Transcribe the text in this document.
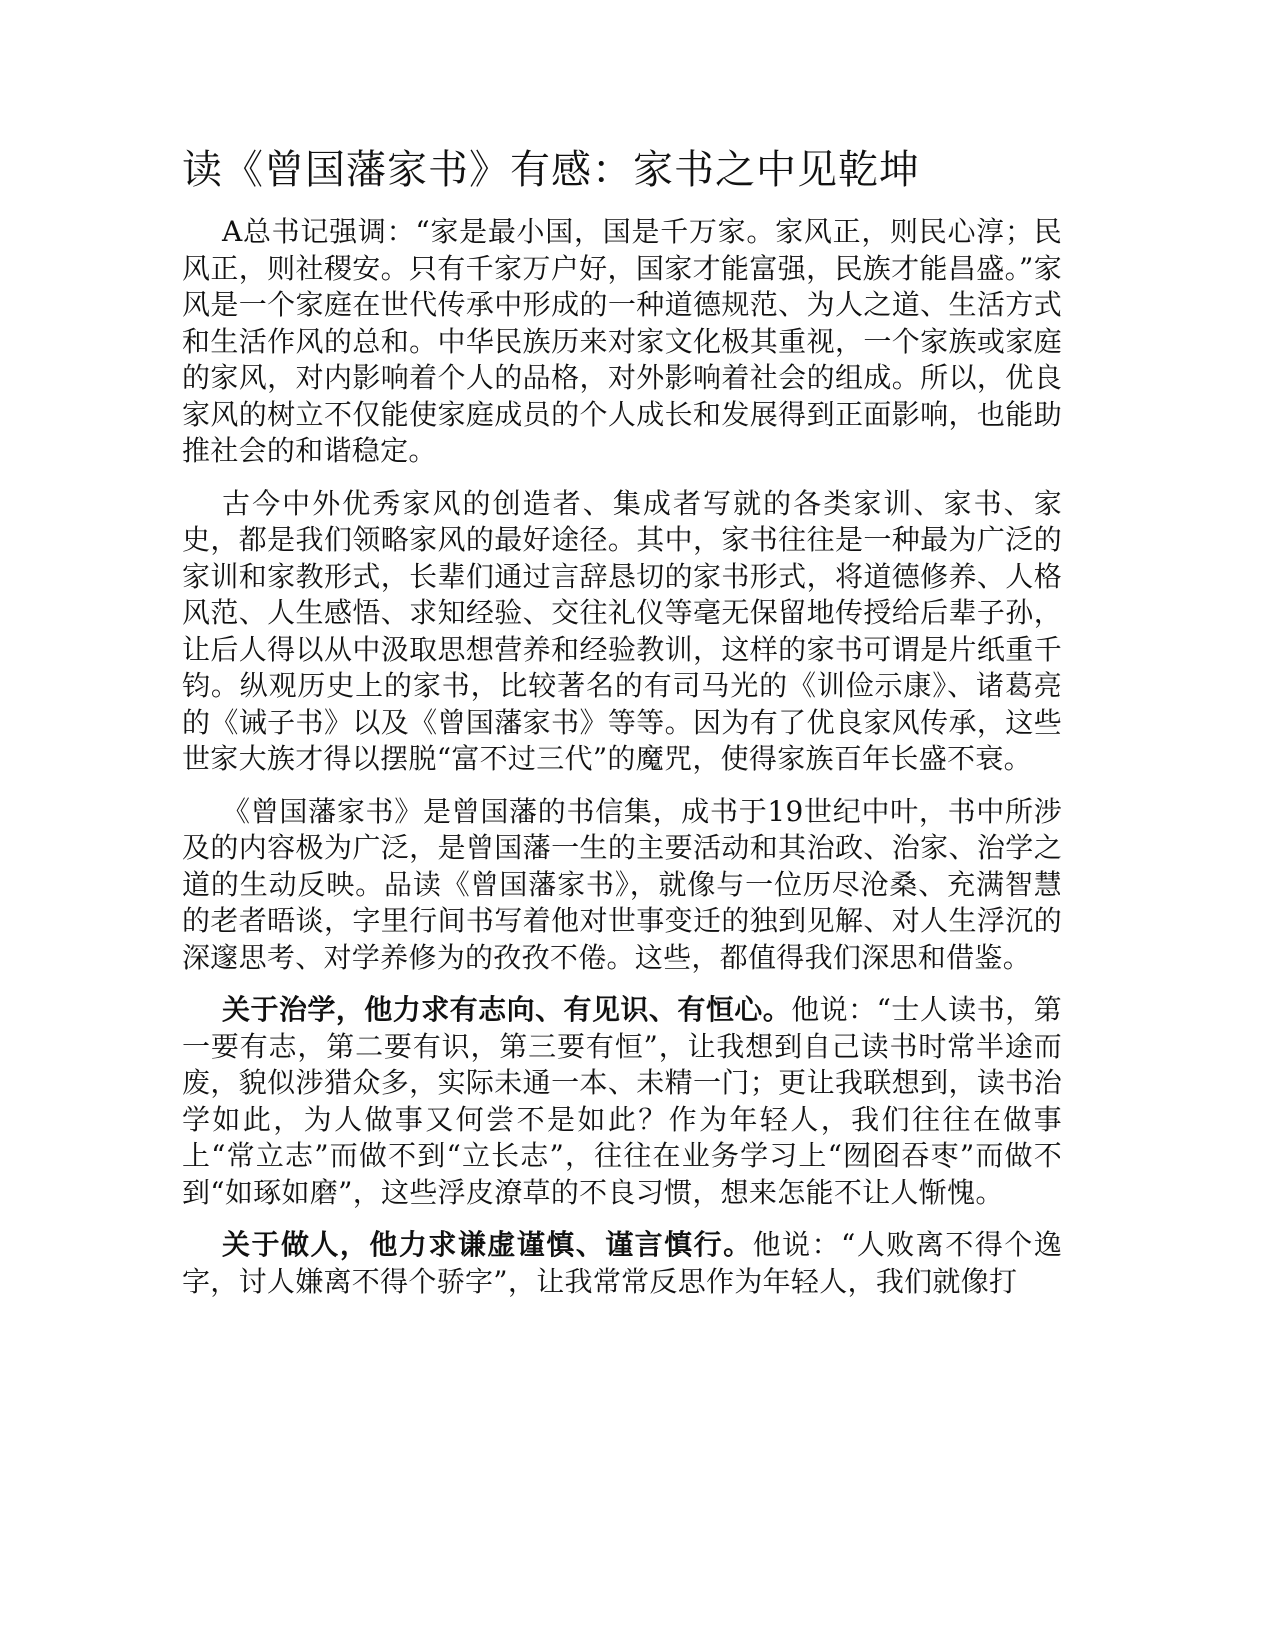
读《曾国藩家书》有感：家书之中见乾坤

A总书记强调：“家是最小国，国是千万家。家风正，则民心淳；民风正，则社稷安。只有千家万户好，国家才能富强，民族才能昌盛。”家风是一个家庭在世代传承中形成的一种道德规范、为人之道、生活方式和生活作风的总和。中华民族历来对家文化极其重视，一个家族或家庭的家风，对内影响着个人的品格，对外影响着社会的组成。所以，优良家风的树立不仅能使家庭成员的个人成长和发展得到正面影响，也能助推社会的和谐稳定。

古今中外优秀家风的创造者、集成者写就的各类家训、家书、家史，都是我们领略家风的最好途径。其中，家书往往是一种最为广泛的家训和家教形式，长辈们通过言辞恳切的家书形式，将道德修养、人格风范、人生感悟、求知经验、交往礼仪等毫无保留地传授给后辈子孙，让后人得以从中汲取思想营养和经验教训，这样的家书可谓是片纸重千钧。纵观历史上的家书，比较著名的有司马光的《训俭示康》、诸葛亮的《诫子书》以及《曾国藩家书》等等。因为有了优良家风传承，这些世家大族才得以摆脱“富不过三代”的魔咒，使得家族百年长盛不衰。

《曾国藩家书》是曾国藩的书信集，成书于19世纪中叶，书中所涉及的内容极为广泛，是曾国藩一生的主要活动和其治政、治家、治学之道的生动反映。品读《曾国藩家书》，就像与一位历尽沧桑、充满智慧的老者晤谈，字里行间书写着他对世事变迁的独到见解、对人生浮沉的深邃思考、对学养修为的孜孜不倦。这些，都值得我们深思和借鉴。

关于治学，他力求有志向、有见识、有恒心。他说：“士人读书，第一要有志，第二要有识，第三要有恒”，让我想到自己读书时常半途而废，貌似涉猎众多，实际未通一本、未精一门；更让我联想到，读书治学如此，为人做事又何尝不是如此？作为年轻人，我们往往在做事上“常立志”而做不到“立长志”，往往在业务学习上“囫囵吞枣”而做不到“如琢如磨”，这些浮皮潦草的不良习惯，想来怎能不让人惭愧。

关于做人，他力求谦虚谨慎、谨言慎行。他说：“人败离不得个逸字，讨人嫌离不得个骄字”，让我常常反思作为年轻人，我们就像打
